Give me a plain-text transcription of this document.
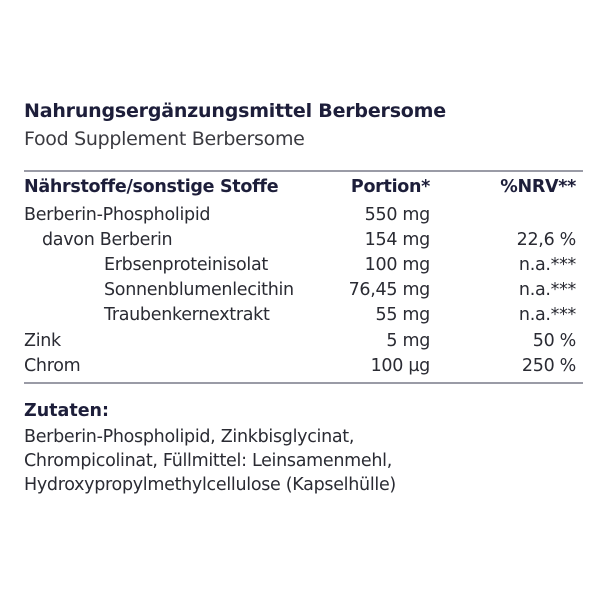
Nahrungsergänzungsmittel Berbersome
Food Supplement Berbersome
Nährstoffe/sonstige Stoffe	Portion*	%NRV**
Berberin-Phospholipid	550 mg
davon Berberin	154 mg	22,6 %
Erbsenproteinisolat	100 mg	n.a.***
Sonnenblumenlecithin	76,45 mg	n.a.***
Traubenkernextrakt	55 mg	n.a.***
Zink	5 mg	50 %
Chrom	100 µg	250 %
Zutaten:
Berberin-Phospholipid, Zinkbisglycinat,
Chrompicolinat, Füllmittel: Leinsamenmehl,
Hydroxypropylmethylcellulose (Kapselhülle)
